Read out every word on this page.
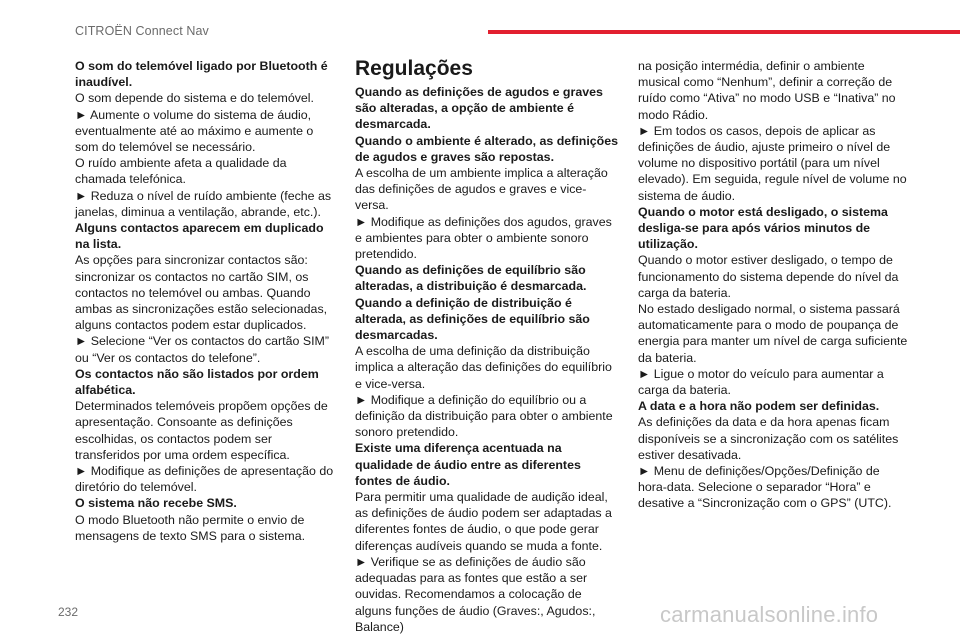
CITROËN Connect Nav

O som do telemóvel ligado por Bluetooth é inaudível.

O som depende do sistema e do telemóvel.

► Aumente o volume do sistema de áudio, eventualmente até ao máximo e aumente o som do telemóvel se necessário.

O ruído ambiente afeta a qualidade da chamada telefónica.

► Reduza o nível de ruído ambiente (feche as janelas, diminua a ventilação, abrande, etc.).

Alguns contactos aparecem em duplicado na lista.

As opções para sincronizar contactos são: sincronizar os contactos no cartão SIM, os contactos no telemóvel ou ambas. Quando ambas as sincronizações estão selecionadas, alguns contactos podem estar duplicados.

► Selecione “Ver os contactos do cartão SIM” ou “Ver os contactos do telefone”.

Os contactos não são listados por ordem alfabética.

Determinados telemóveis propõem opções de apresentação. Consoante as definições escolhidas, os contactos podem ser transferidos por uma ordem específica.

► Modifique as definições de apresentação do diretório do telemóvel.

O sistema não recebe SMS.

O modo Bluetooth não permite o envio de mensagens de texto SMS para o sistema.

Regulações

Quando as definições de agudos e graves são alteradas, a opção de ambiente é desmarcada.

Quando o ambiente é alterado, as definições de agudos e graves são repostas.

A escolha de um ambiente implica a alteração das definições de agudos e graves e vice-versa.

► Modifique as definições dos agudos, graves e ambientes para obter o ambiente sonoro pretendido.

Quando as definições de equilíbrio são alteradas, a distribuição é desmarcada.

Quando a definição de distribuição é alterada, as definições de equilíbrio são desmarcadas.

A escolha de uma definição da distribuição implica a alteração das definições do equilíbrio e vice-versa.

► Modifique a definição do equilíbrio ou a definição da distribuição para obter o ambiente sonoro pretendido.

Existe uma diferença acentuada na qualidade de áudio entre as diferentes fontes de áudio.

Para permitir uma qualidade de audição ideal, as definições de áudio podem ser adaptadas a diferentes fontes de áudio, o que pode gerar diferenças audíveis quando se muda a fonte.

► Verifique se as definições de áudio são adequadas para as fontes que estão a ser ouvidas. Recomendamos a colocação de alguns funções de áudio (Graves:, Agudos:, Balance)

na posição intermédia, definir o ambiente musical como “Nenhum”, definir a correção de ruído como “Ativa” no modo USB e “Inativa” no modo Rádio.

► Em todos os casos, depois de aplicar as definições de áudio, ajuste primeiro o nível de volume no dispositivo portátil (para um nível elevado). Em seguida, regule nível de volume no sistema de áudio.

Quando o motor está desligado, o sistema desliga-se para após vários minutos de utilização.

Quando o motor estiver desligado, o tempo de funcionamento do sistema depende do nível da carga da bateria.

No estado desligado normal, o sistema passará automaticamente para o modo de poupança de energia para manter um nível de carga suficiente da bateria.

► Ligue o motor do veículo para aumentar a carga da bateria.

A data e a hora não podem ser definidas.

As definições da data e da hora apenas ficam disponíveis se a sincronização com os satélites estiver desativada.

► Menu de definições/Opções/Definição de hora-data. Selecione o separador “Hora” e desative a “Sincronização com o GPS” (UTC).

232	carmanualsonline.info
